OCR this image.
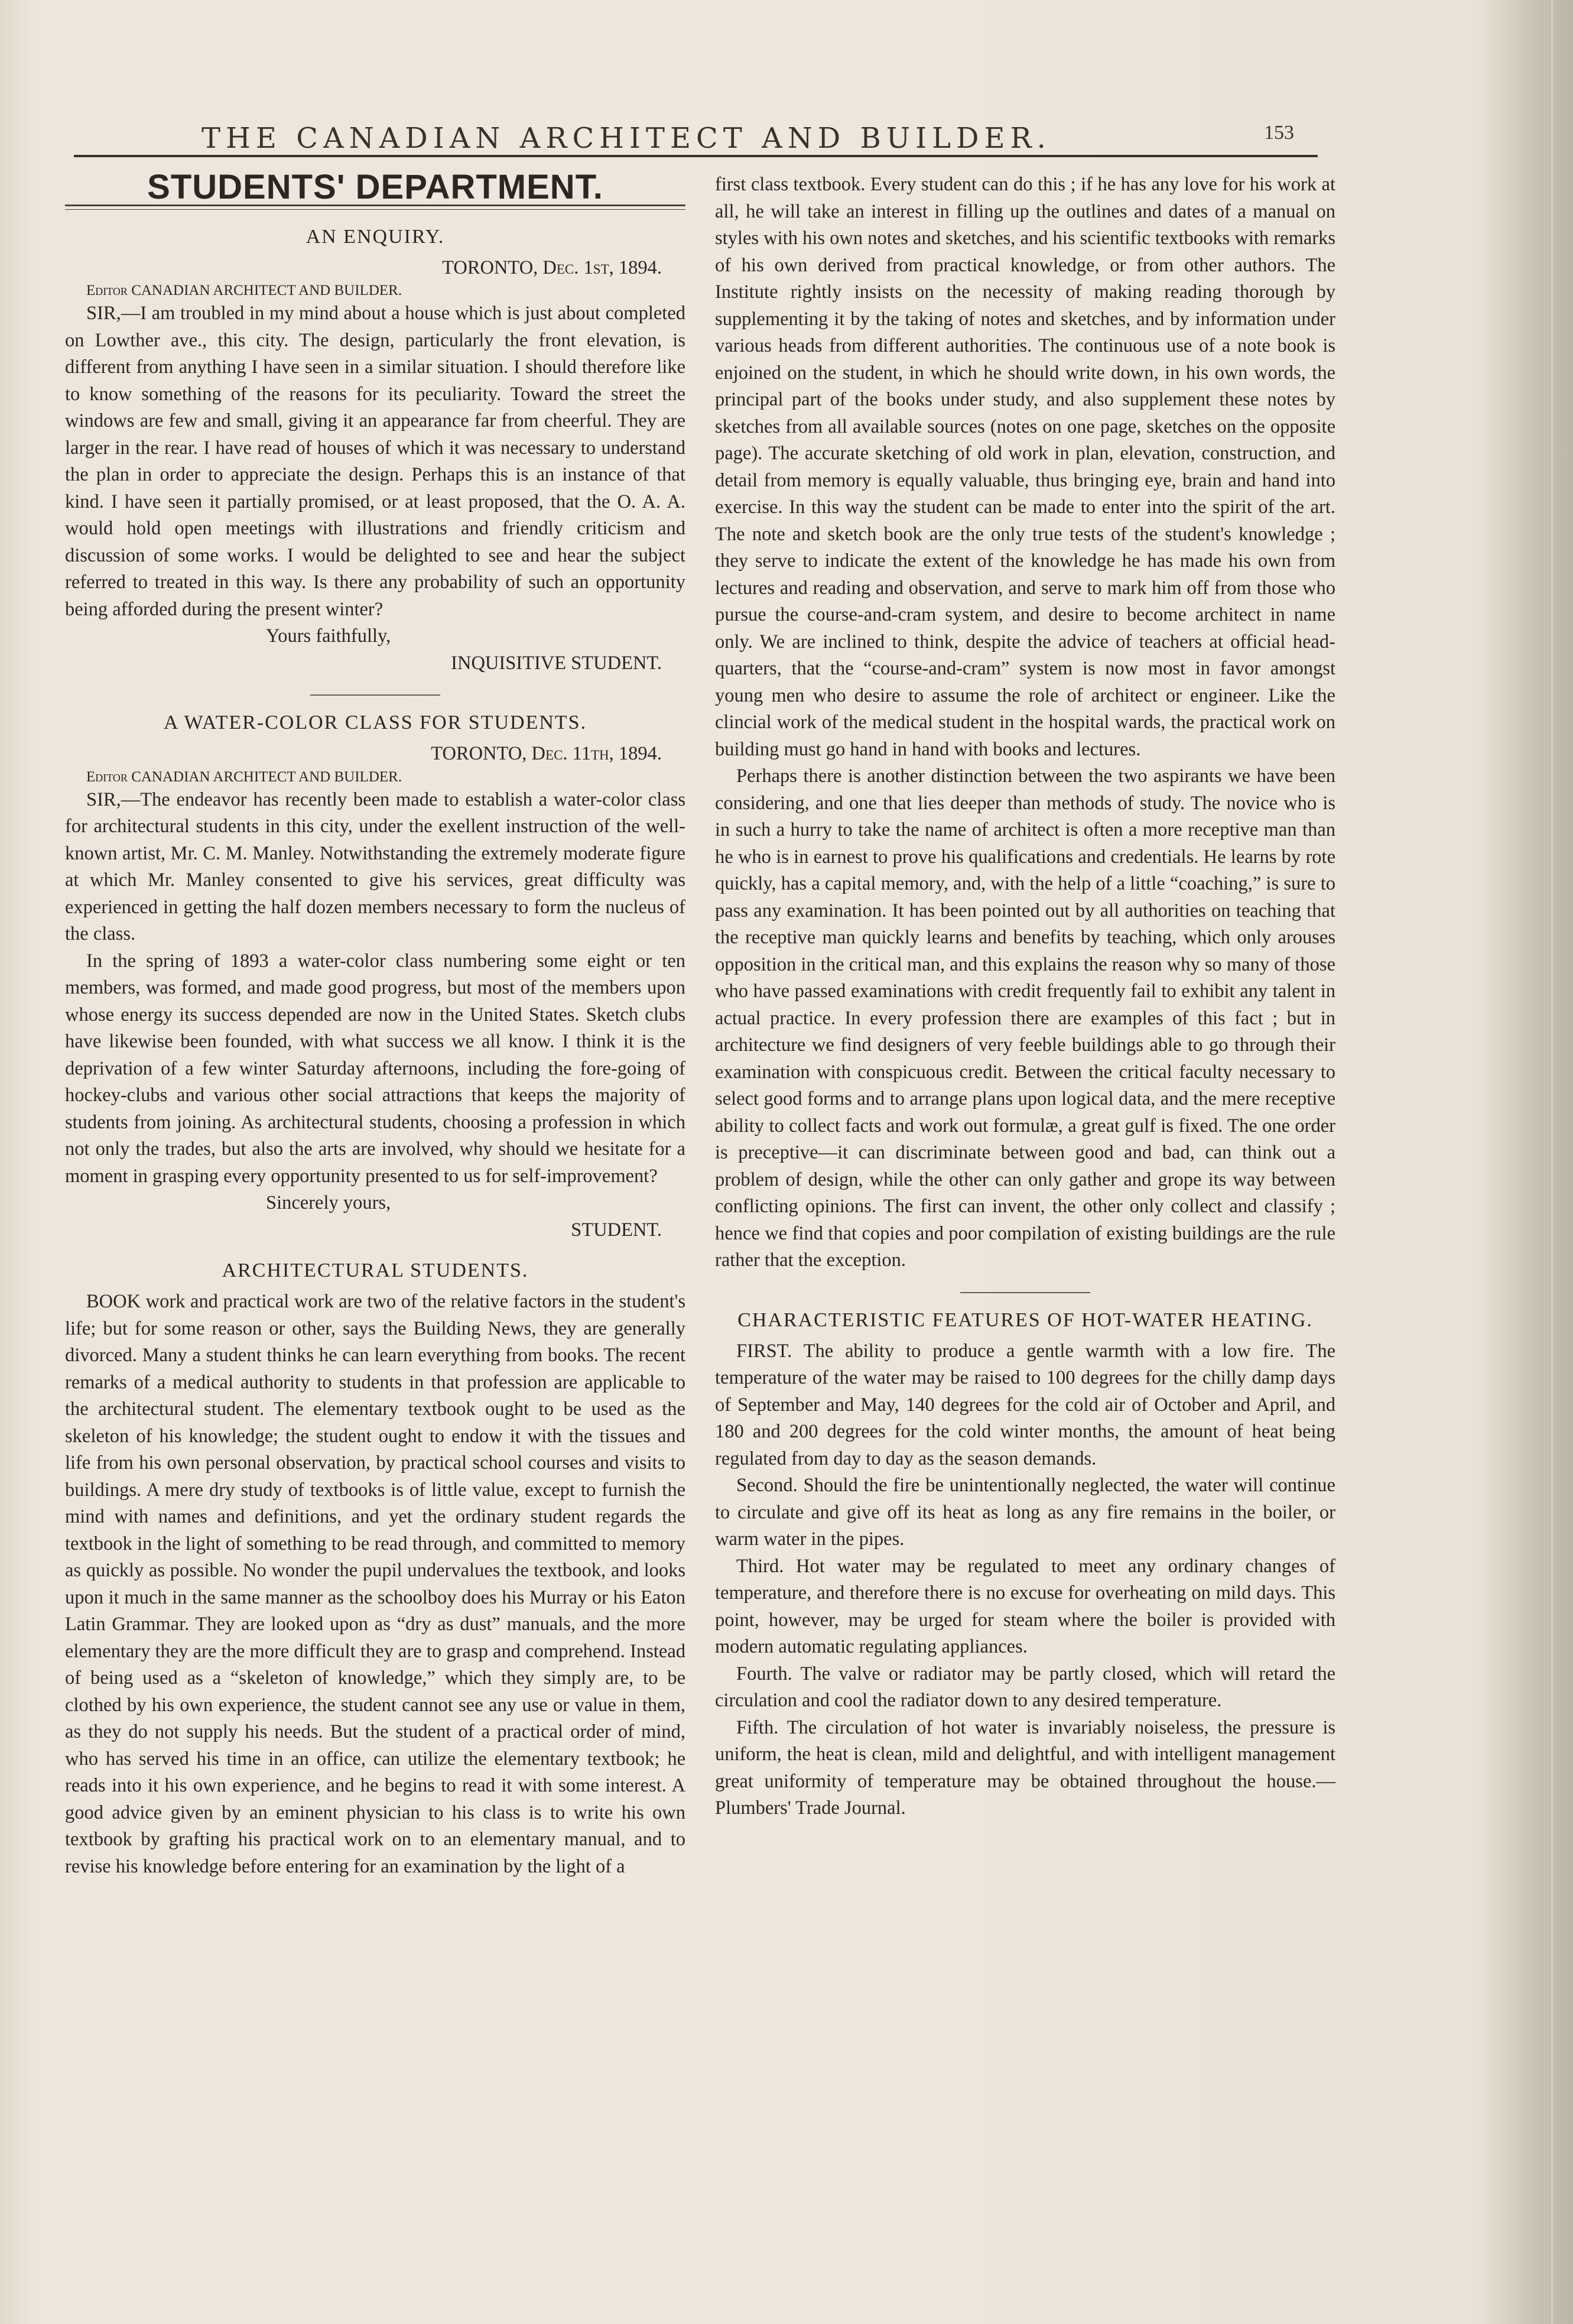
THE CANADIAN ARCHITECT AND BUILDER.	153
STUDENTS' DEPARTMENT.
AN ENQUIRY.

TORONTO, Dec. 1st, 1894.

Editor CANADIAN ARCHITECT AND BUILDER.

SIR,—I am troubled in my mind about a house which is just about completed on Lowther ave., this city. The design, particularly the front elevation, is different from anything I have seen in a similar situation. I should therefore like to know something of the reasons for its peculiarity. Toward the street the windows are few and small, giving it an appearance far from cheerful. They are larger in the rear. I have read of houses of which it was necessary to understand the plan in order to appreciate the design. Perhaps this is an instance of that kind. I have seen it partially promised, or at least proposed, that the O. A. A. would hold open meetings with illustrations and friendly criticism and discussion of some works. I would be delighted to see and hear the subject referred to treated in this way. Is there any probability of such an opportunity being afforded during the present winter?

Yours faithfully,

INQUISITIVE STUDENT.

A WATER-COLOR CLASS FOR STUDENTS.

TORONTO, Dec. 11th, 1894.

Editor CANADIAN ARCHITECT AND BUILDER.

SIR,—The endeavor has recently been made to establish a water-color class for architectural students in this city, under the exellent instruction of the well-known artist, Mr. C. M. Manley. Notwithstanding the extremely moderate figure at which Mr. Manley consented to give his services, great difficulty was experienced in getting the half dozen members necessary to form the nucleus of the class.

In the spring of 1893 a water-color class numbering some eight or ten members, was formed, and made good progress, but most of the members upon whose energy its success depended are now in the United States. Sketch clubs have likewise been founded, with what success we all know. I think it is the deprivation of a few winter Saturday afternoons, including the fore-going of hockey-clubs and various other social attractions that keeps the majority of students from joining. As architectural students, choosing a profession in which not only the trades, but also the arts are involved, why should we hesitate for a moment in grasping every opportunity presented to us for self-improvement?

Sincerely yours,

STUDENT.

ARCHITECTURAL STUDENTS.

BOOK work and practical work are two of the relative factors in the student's life; but for some reason or other, says the Building News, they are generally divorced. Many a student thinks he can learn everything from books. The recent remarks of a medical authority to students in that profession are applicable to the architectural student. The elementary textbook ought to be used as the skeleton of his knowledge; the student ought to endow it with the tissues and life from his own personal observation, by practical school courses and visits to buildings. A mere dry study of textbooks is of little value, except to furnish the mind with names and definitions, and yet the ordinary student regards the textbook in the light of something to be read through, and committed to memory as quickly as possible. No wonder the pupil undervalues the textbook, and looks upon it much in the same manner as the schoolboy does his Murray or his Eaton Latin Grammar. They are looked upon as “dry as dust” manuals, and the more elementary they are the more difficult they are to grasp and comprehend. Instead of being used as a “skeleton of knowledge,” which they simply are, to be clothed by his own experience, the student cannot see any use or value in them, as they do not supply his needs. But the student of a practical order of mind, who has served his time in an office, can utilize the elementary textbook; he reads into it his own experience, and he begins to read it with some interest. A good advice given by an eminent physician to his class is to write his own textbook by grafting his practical work on to an elementary manual, and to revise his knowledge before entering for an examination by the light of a

first class textbook. Every student can do this ; if he has any love for his work at all, he will take an interest in filling up the outlines and dates of a manual on styles with his own notes and sketches, and his scientific textbooks with remarks of his own derived from practical knowledge, or from other authors. The Institute rightly insists on the necessity of making reading thorough by supplementing it by the taking of notes and sketches, and by information under various heads from different authorities. The continuous use of a note book is enjoined on the student, in which he should write down, in his own words, the principal part of the books under study, and also supplement these notes by sketches from all available sources (notes on one page, sketches on the opposite page). The accurate sketching of old work in plan, elevation, construction, and detail from memory is equally valuable, thus bringing eye, brain and hand into exercise. In this way the student can be made to enter into the spirit of the art. The note and sketch book are the only true tests of the student's knowledge ; they serve to indicate the extent of the knowledge he has made his own from lectures and reading and observation, and serve to mark him off from those who pursue the course-and-cram system, and desire to become architect in name only. We are inclined to think, despite the advice of teachers at official head-quarters, that the “course-and-cram” system is now most in favor amongst young men who desire to assume the role of architect or engineer. Like the clincial work of the medical student in the hospital wards, the practical work on building must go hand in hand with books and lectures.

Perhaps there is another distinction between the two aspirants we have been considering, and one that lies deeper than methods of study. The novice who is in such a hurry to take the name of architect is often a more receptive man than he who is in earnest to prove his qualifications and credentials. He learns by rote quickly, has a capital memory, and, with the help of a little “coaching,” is sure to pass any examination. It has been pointed out by all authorities on teaching that the receptive man quickly learns and benefits by teaching, which only arouses opposition in the critical man, and this explains the reason why so many of those who have passed examinations with credit frequently fail to exhibit any talent in actual practice. In every profession there are examples of this fact ; but in architecture we find designers of very feeble buildings able to go through their examination with conspicuous credit. Between the critical faculty necessary to select good forms and to arrange plans upon logical data, and the mere receptive ability to collect facts and work out formulæ, a great gulf is fixed. The one order is preceptive—it can discriminate between good and bad, can think out a problem of design, while the other can only gather and grope its way between conflicting opinions. The first can invent, the other only collect and classify ; hence we find that copies and poor compilation of existing buildings are the rule rather that the exception.

CHARACTERISTIC FEATURES OF HOT-WATER HEATING.

FIRST. The ability to produce a gentle warmth with a low fire. The temperature of the water may be raised to 100 degrees for the chilly damp days of September and May, 140 degrees for the cold air of October and April, and 180 and 200 degrees for the cold winter months, the amount of heat being regulated from day to day as the season demands.

Second. Should the fire be unintentionally neglected, the water will continue to circulate and give off its heat as long as any fire remains in the boiler, or warm water in the pipes.

Third. Hot water may be regulated to meet any ordinary changes of temperature, and therefore there is no excuse for overheating on mild days. This point, however, may be urged for steam where the boiler is provided with modern automatic regulating appliances.

Fourth. The valve or radiator may be partly closed, which will retard the circulation and cool the radiator down to any desired temperature.

Fifth. The circulation of hot water is invariably noiseless, the pressure is uniform, the heat is clean, mild and delightful, and with intelligent management great uniformity of temperature may be obtained throughout the house.—Plumbers' Trade Journal.
